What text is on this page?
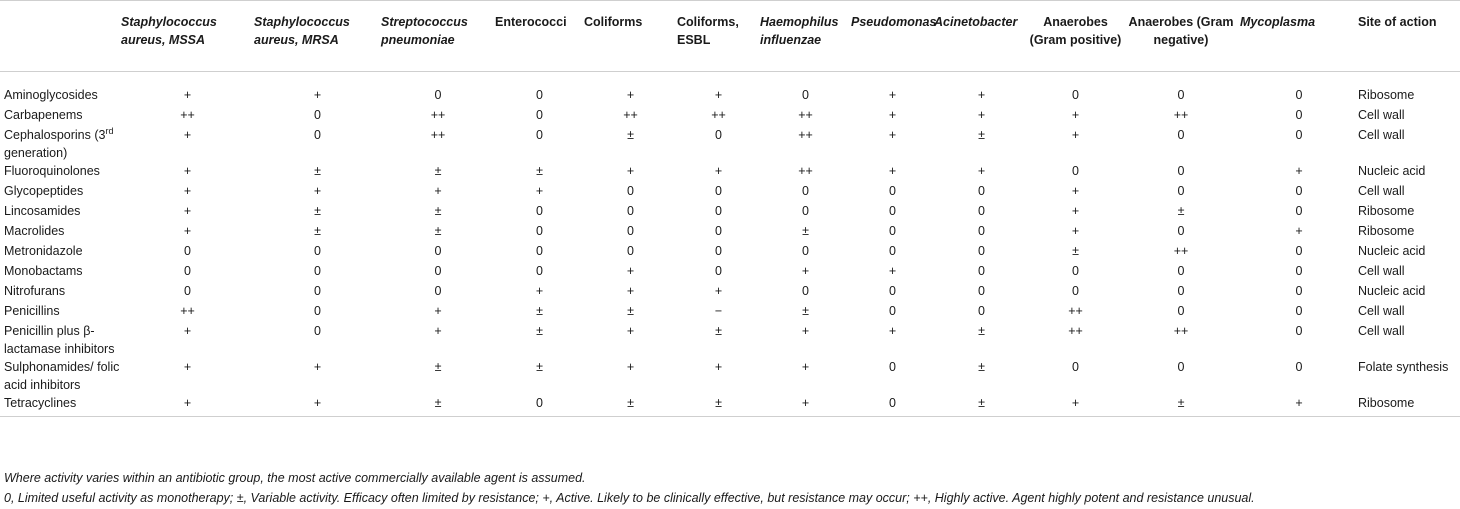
	Staphylococcus aureus, MSSA	Staphylococcus aureus, MRSA	Streptococcus pneumoniae	Enterococci	Coliforms	Coliforms, ESBL	Haemophilus influenzae	Pseudomonas	Acinetobacter	Anaerobes (Gram positive)	Anaerobes (Gram negative)	Mycoplasma	Site of action

Aminoglycosides	+	+	0	0	+	+	0	+	+	0	0	0	Ribosome
Carbapenems	++	0	++	0	++	++	++	+	+	+	++	0	Cell wall
Cephalosporins (3rd generation)	+	0	++	0	±	0	++	+	±	+	0	0	Cell wall
Fluoroquinolones	+	±	±	±	+	+	++	+	+	0	0	+	Nucleic acid
Glycopeptides	+	+	+	+	0	0	0	0	0	+	0	0	Cell wall
Lincosamides	+	±	±	0	0	0	0	0	0	+	±	0	Ribosome
Macrolides	+	±	±	0	0	0	±	0	0	+	0	+	Ribosome
Metronidazole	0	0	0	0	0	0	0	0	0	±	++	0	Nucleic acid
Monobactams	0	0	0	0	+	0	+	+	0	0	0	0	Cell wall
Nitrofurans	0	0	0	+	+	+	0	0	0	0	0	0	Nucleic acid
Penicillins	++	0	+	±	±	−	±	0	0	++	0	0	Cell wall
Penicillin plus β-lactamase inhibitors	+	0	+	±	+	±	+	+	±	++	++	0	Cell wall
Sulphonamides/ folic acid inhibitors	+	+	±	±	+	+	+	0	±	0	0	0	Folate synthesis
Tetracyclines	+	+	±	0	±	±	+	0	±	+	±	+	Ribosome
Where activity varies within an antibiotic group, the most active commercially available agent is assumed.
0, Limited useful activity as monotherapy; ±, Variable activity. Efficacy often limited by resistance; +, Active. Likely to be clinically effective, but resistance may occur; ++, Highly active. Agent highly potent and resistance unusual.
